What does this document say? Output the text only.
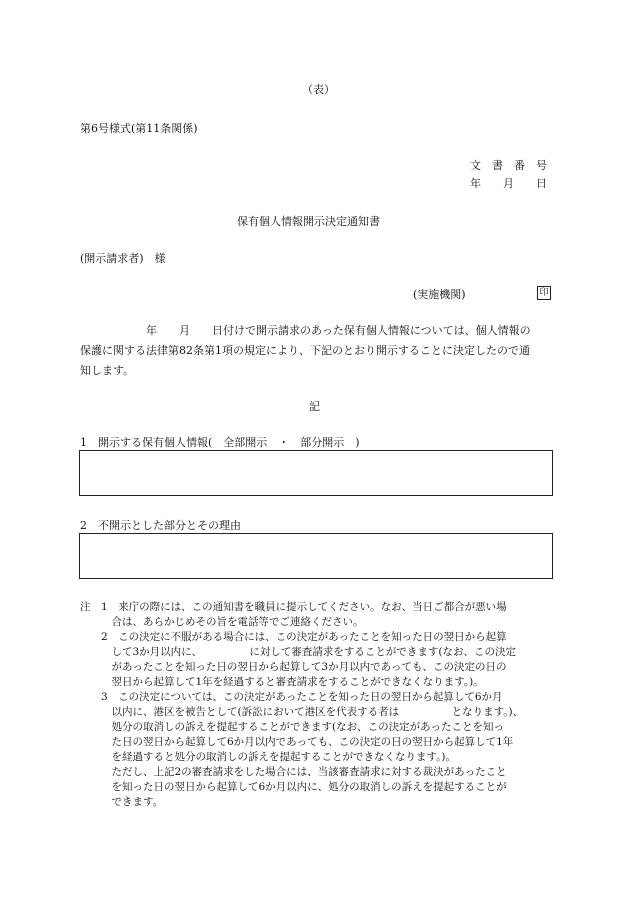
（表）
第6号様式(第11条関係)
文　書　番　号
年　　月　　日
保有個人情報開示決定通知書
(開示請求者)　様
(実施機関)	印
　　　　　　年　　月　　日付けで開示請求のあった保有個人情報については、個人情報の
保護に関する法律第82条第1項の規定により、下記のとおり開示することに決定したので通
知します。
記
1　開示する保有個人情報(　全部開示　・　部分開示　)
2　不開示とした部分とその理由
注 1　来庁の際には、この通知書を職員に提示してください。なお、当日ご都合が悪い場
　合は、あらかじめその旨を電話等でご連絡ください。
2　この決定に不服がある場合には、この決定があったことを知った日の翌日から起算
　して3か月以内に、　　　　　に対して審査請求をすることができます(なお、この決定
　があったことを知った日の翌日から起算して3か月以内であっても、この決定の日の
　翌日から起算して1年を経過すると審査請求をすることができなくなります。)。
3　この決定については、この決定があったことを知った日の翌日から起算して6か月
　以内に、港区を被告として(訴訟において港区を代表する者は　　　　　となります。)、
　処分の取消しの訴えを提起することができます(なお、この決定があったことを知っ
　た日の翌日から起算して6か月以内であっても、この決定の日の翌日から起算して1年
　を経過すると処分の取消しの訴えを提起することができなくなります。)。
　ただし、上記2の審査請求をした場合には、当該審査請求に対する裁決があったこと
　を知った日の翌日から起算して6か月以内に、処分の取消しの訴えを提起することが
　できます。
